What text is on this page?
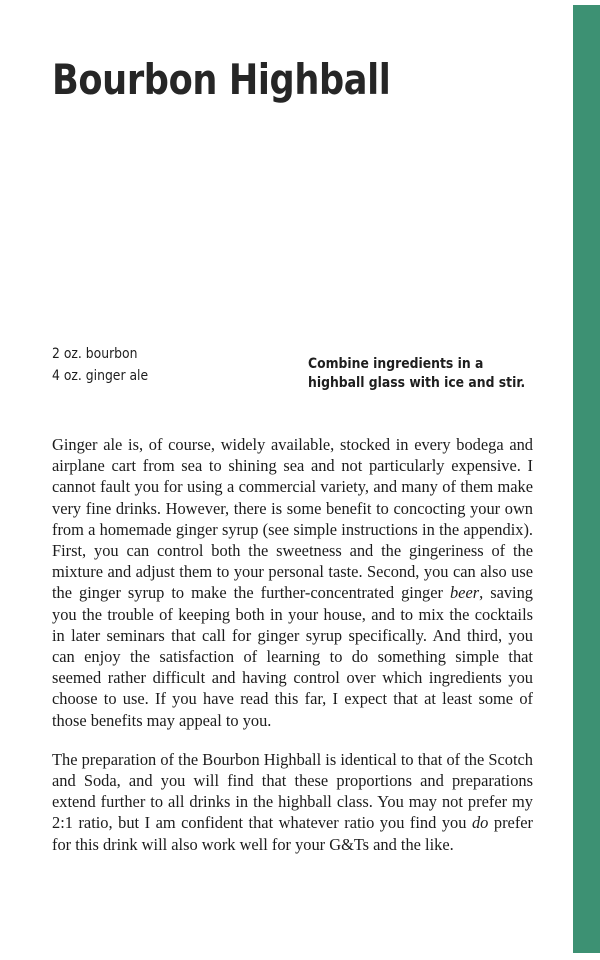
Bourbon Highball
2 oz. bourbon
4 oz. ginger ale
Combine ingredients in a highball glass with ice and stir.

Ginger ale is, of course, widely available, stocked in every bodega and airplane cart from sea to shining sea and not particularly expensive. I cannot fault you for using a commercial variety, and many of them make very fine drinks. However, there is some benefit to concocting your own from a homemade ginger syrup (see simple instructions in the appendix). First, you can control both the sweetness and the gingeriness of the mixture and adjust them to your personal taste. Second, you can also use the ginger syrup to make the further-concentrated ginger beer, saving you the trouble of keeping both in your house, and to mix the cocktails in later seminars that call for ginger syrup specifically. And third, you can enjoy the satisfaction of learning to do something simple that seemed rather difficult and having control over which ingredients you choose to use. If you have read this far, I expect that at least some of those benefits may appeal to you.

The preparation of the Bourbon Highball is identical to that of the Scotch and Soda, and you will find that these proportions and preparations extend further to all drinks in the highball class. You may not prefer my 2:1 ratio, but I am confident that whatever ratio you find you do prefer for this drink will also work well for your G&Ts and the like.
